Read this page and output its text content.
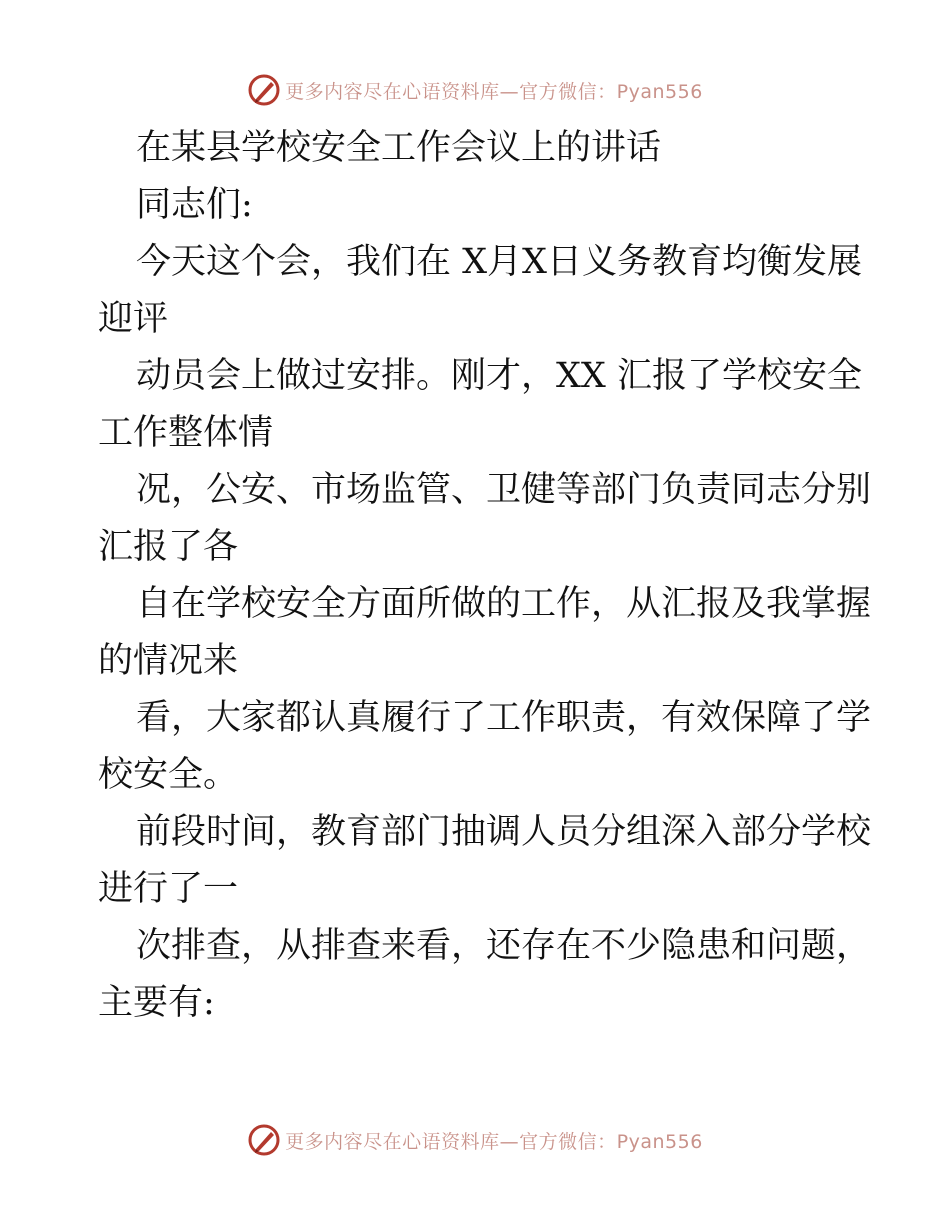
更多内容尽在心语资料库—官方微信：Pyan556
在某县学校安全工作会议上的讲话
同志们:
今天这个会，我们在 X月X日义务教育均衡发展
迎评
动员会上做过安排。刚才，XX 汇报了学校安全
工作整体情
况，公安、市场监管、卫健等部门负责同志分别
汇报了各
自在学校安全方面所做的工作，从汇报及我掌握
的情况来
看，大家都认真履行了工作职责，有效保障了学
校安全。
前段时间，教育部门抽调人员分组深入部分学校
进行了一
次排查，从排查来看，还存在不少隐患和问题，
主要有:
更多内容尽在心语资料库—官方微信：Pyan556
